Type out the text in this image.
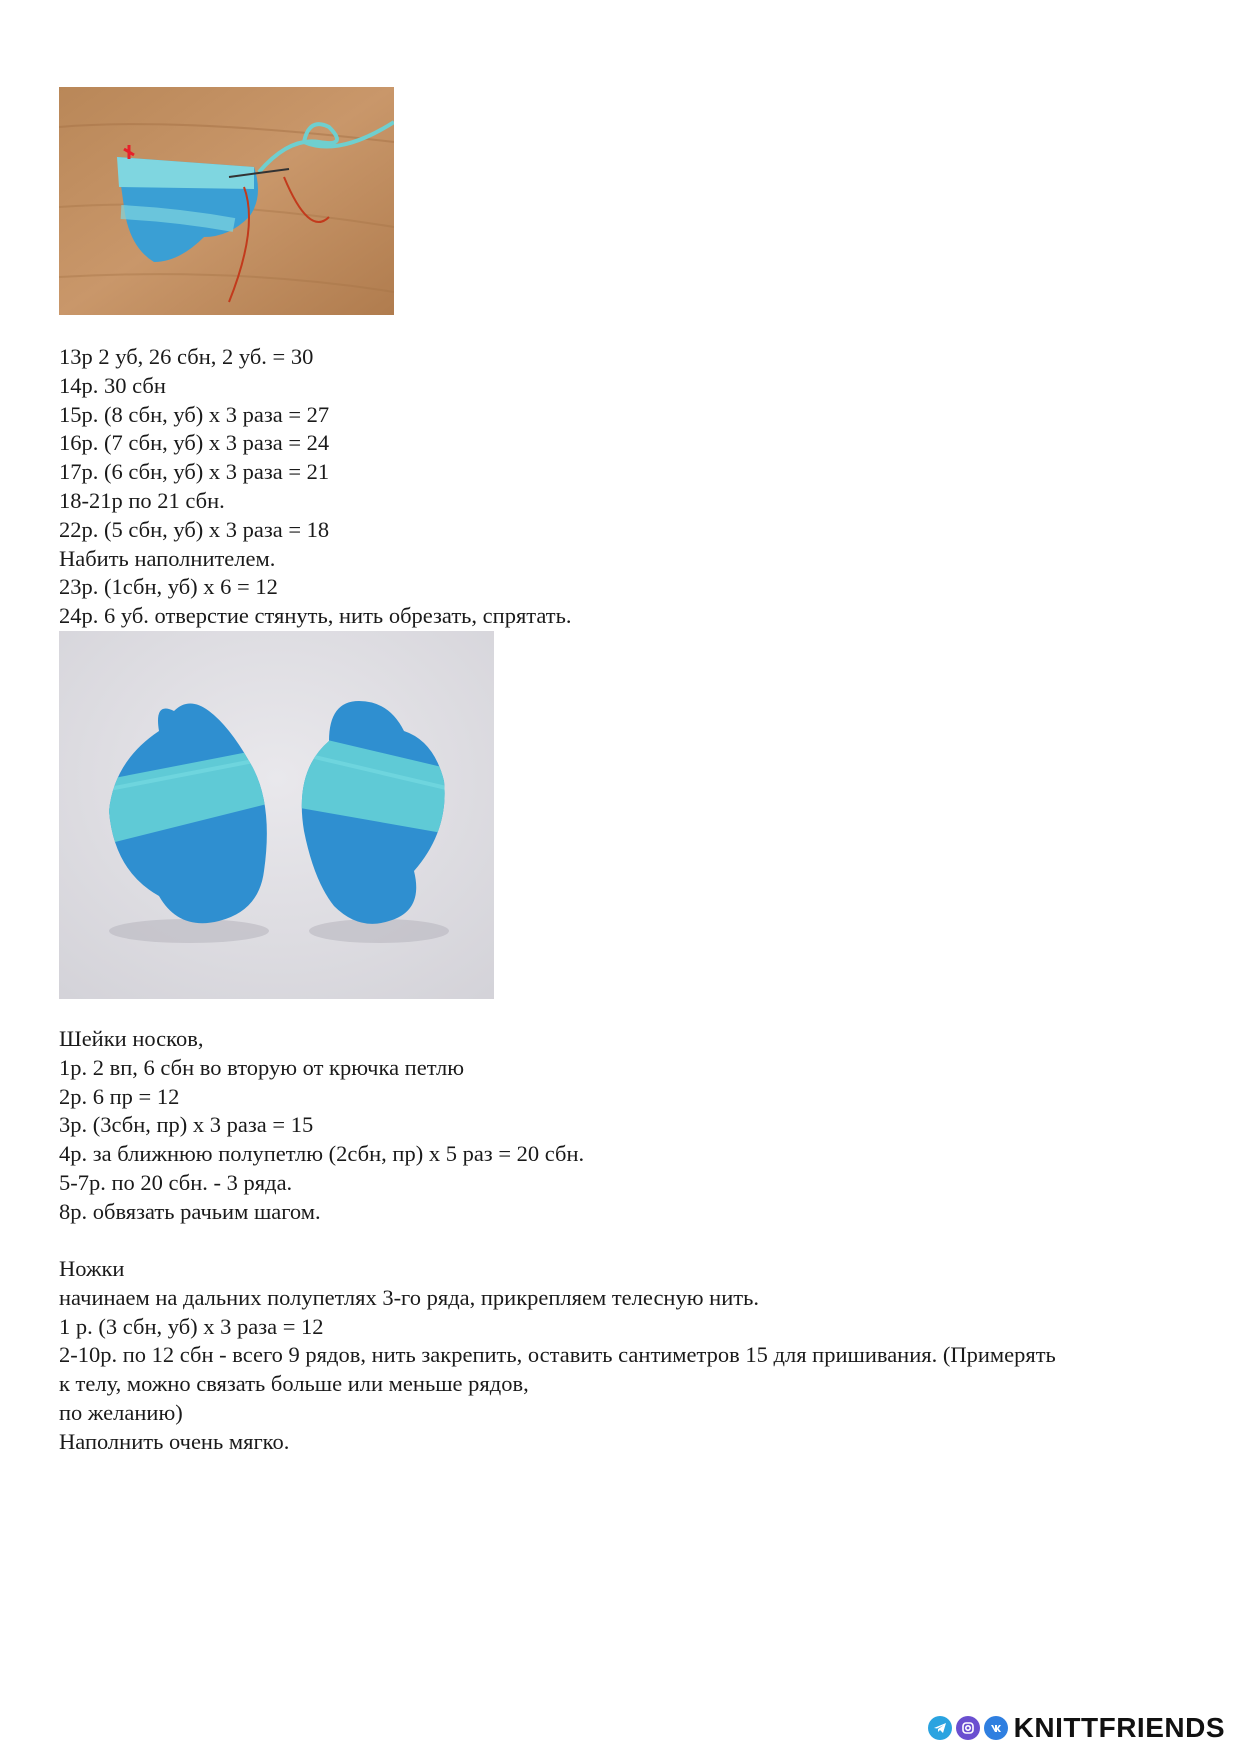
13р 2 уб, 26 сбн, 2 уб. = 30
14р. 30 сбн
15р. (8 сбн, уб) х 3 раза = 27
16р. (7 сбн, уб) х 3 раза = 24
17р. (6 сбн, уб) х 3 раза = 21
18-21р по 21 сбн.
22р. (5 сбн, уб) х 3 раза = 18
Набить наполнителем.
23р. (1сбн, уб) х 6 = 12
24р. 6 уб. отверстие стянуть, нить обрезать, спрятать.
Шейки носков,
1р. 2 вп, 6 сбн во вторую от крючка петлю
2р. 6 пр = 12
3р. (3сбн, пр) х 3 раза = 15
4р. за ближнюю полупетлю (2сбн, пр) х 5 раз = 20 сбн.
5-7р. по 20 сбн. - 3 ряда.
8р. обвязать рачьим шагом.
Ножки
начинаем на дальних полупетлях 3-го ряда, прикрепляем телесную нить.
1 р. (3 сбн, уб) х 3 раза = 12
2-10р. по 12 сбн - всего 9 рядов, нить закрепить, оставить сантиметров 15 для пришивания. (Примерять
к телу, можно связать больше или меньше рядов,
по желанию)
Наполнить очень мягко.
KNITTFRIENDS
